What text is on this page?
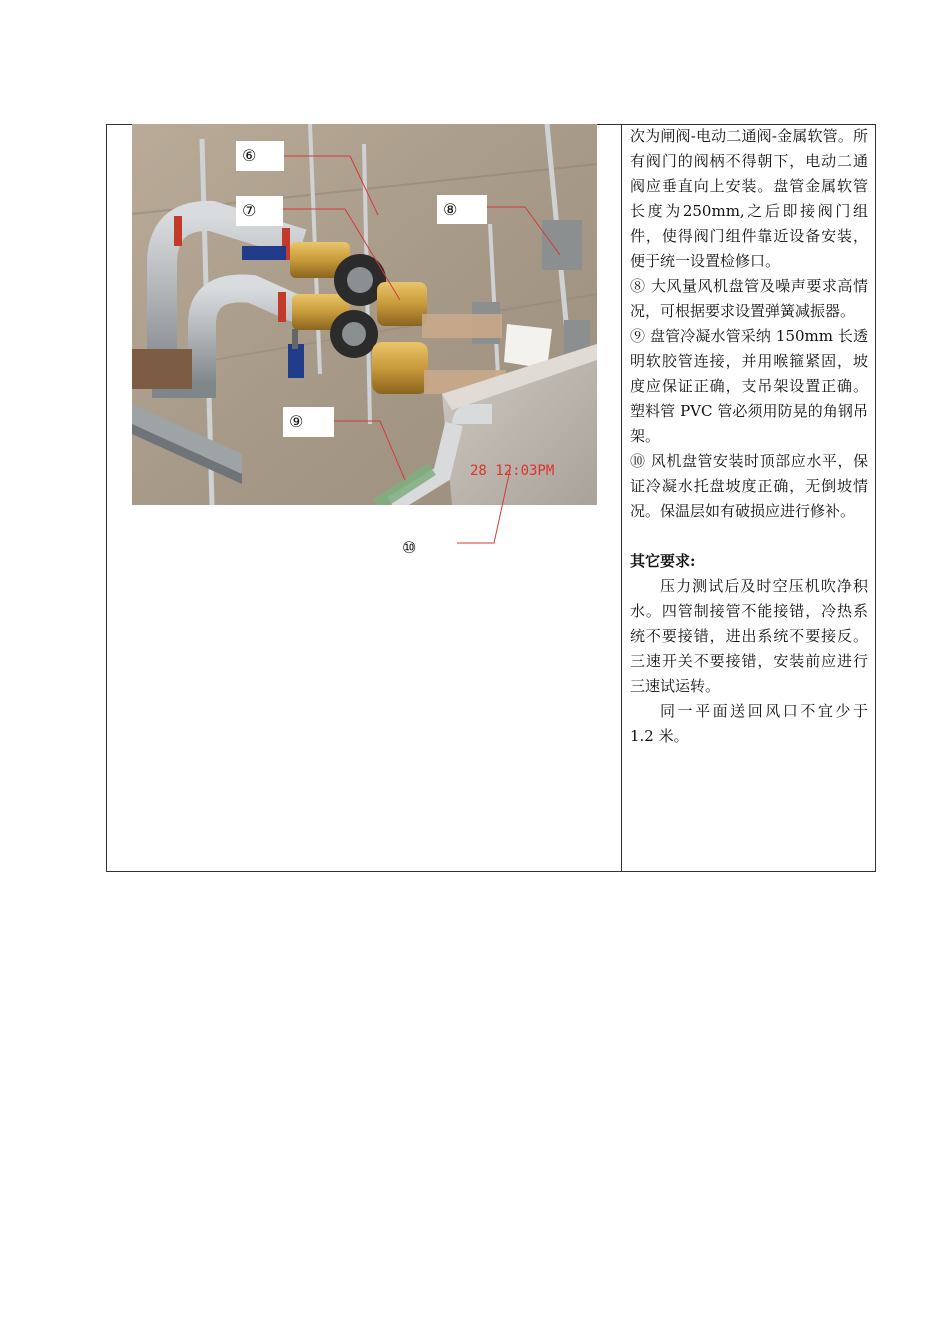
28 12:03PM
⑥
⑦	⑧
⑨
⑩

次为闸阀-电动二通阀-金属软管。所有阀门的阀柄不得朝下，电动二通阀应垂直向上安装。盘管金属软管长度为250mm,之后即接阀门组件，使得阀门组件靠近设备安装，便于统一设置检修口。

⑧ 大风量风机盘管及噪声要求高情况，可根据要求设置弹簧减振器。

⑨ 盘管冷凝水管采纳 150mm 长透明软胶管连接，并用喉箍紧固，坡度应保证正确，支吊架设置正确。塑料管 PVC 管必须用防晃的角钢吊架。

⑩ 风机盘管安装时顶部应水平，保证冷凝水托盘坡度正确，无倒坡情况。保温层如有破损应进行修补。

其它要求:

压力测试后及时空压机吹净积水。四管制接管不能接错，冷热系统不要接错，进出系统不要接反。三速开关不要接错，安装前应进行三速试运转。

同一平面送回风口不宜少于 1.2 米。
